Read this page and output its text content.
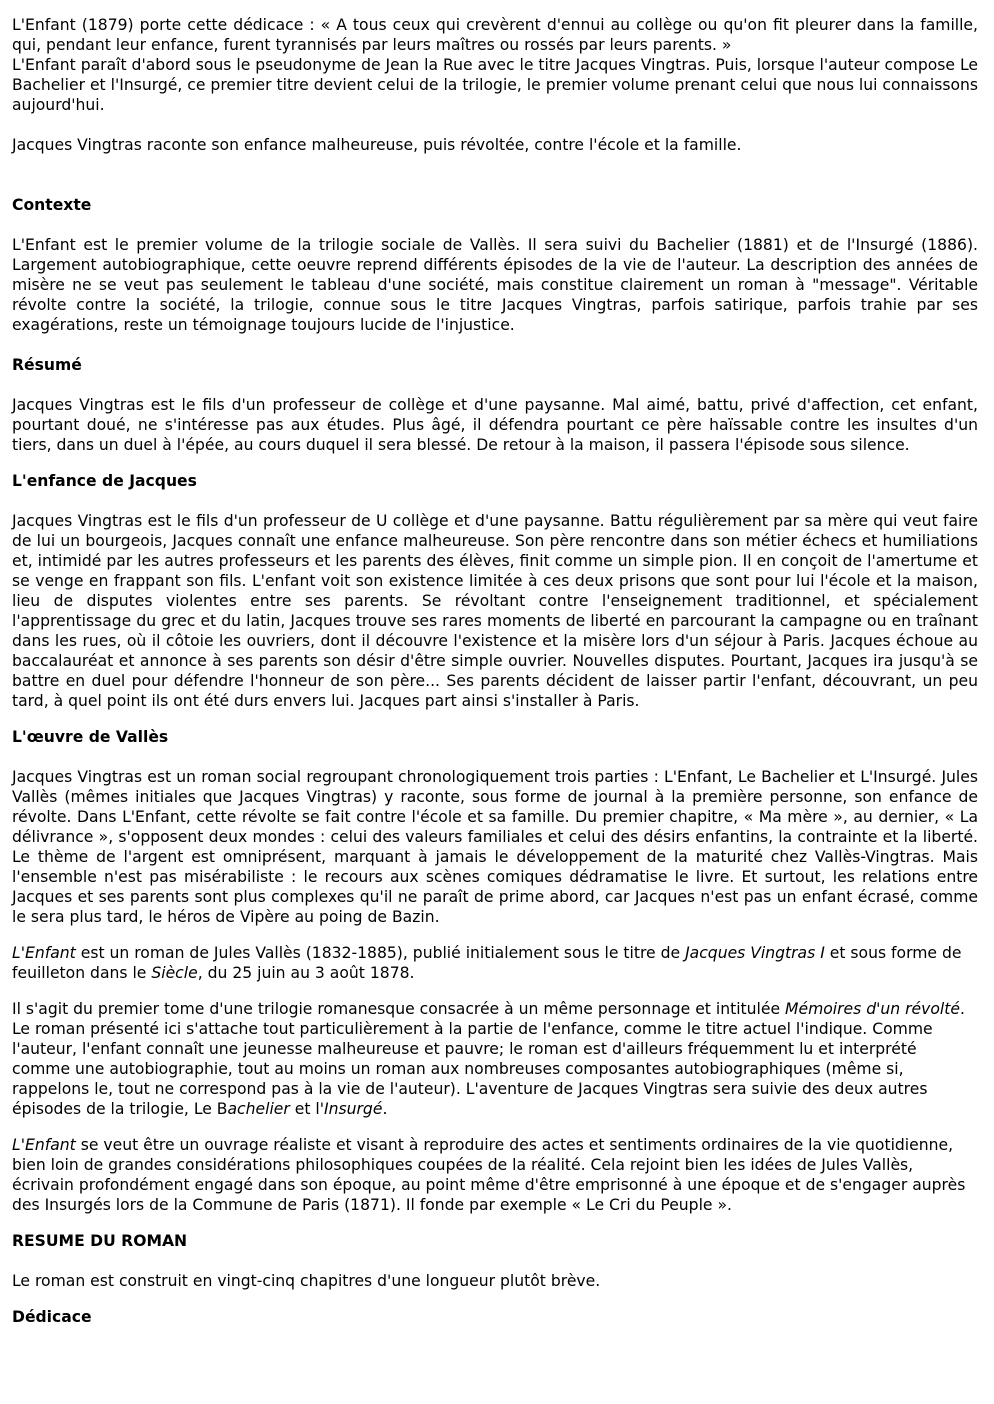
L'Enfant (1879) porte cette dédicace : « A tous ceux qui crevèrent d'ennui au collège ou qu'on fit pleurer dans la famille, qui, pendant leur enfance, furent tyrannisés par leurs maîtres ou rossés par leurs parents. »

L'Enfant paraît d'abord sous le pseudonyme de Jean la Rue avec le titre Jacques Vingtras. Puis, lorsque l'auteur compose Le Bachelier et l'Insurgé, ce premier titre devient celui de la trilogie, le premier volume prenant celui que nous lui connaissons aujourd'hui.

Jacques Vingtras raconte son enfance malheureuse, puis révoltée, contre l'école et la famille.

Contexte

L'Enfant est le premier volume de la trilogie sociale de Vallès. Il sera suivi du Bachelier (1881) et de l'Insurgé (1886). Largement autobiographique, cette oeuvre reprend différents épisodes de la vie de l'auteur. La description des années de misère ne se veut pas seulement le tableau d'une société, mais constitue clairement un roman à "message". Véritable révolte contre la société, la trilogie, connue sous le titre Jacques Vingtras, parfois satirique, parfois trahie par ses exagérations, reste un témoignage toujours lucide de l'injustice.

Résumé

Jacques Vingtras est le fils d'un professeur de collège et d'une paysanne. Mal aimé, battu, privé d'affection, cet enfant, pourtant doué, ne s'intéresse pas aux études. Plus âgé, il défendra pourtant ce père haïssable contre les insultes d'un tiers, dans un duel à l'épée, au cours duquel il sera blessé. De retour à la maison, il passera l'épisode sous silence.

L'enfance de Jacques

Jacques Vingtras est le fils d'un professeur de U collège et d'une paysanne. Battu régulièrement par sa mère qui veut faire de lui un bourgeois, Jacques connaît une enfance malheureuse. Son père rencontre dans son métier échecs et humiliations et, intimidé par les autres professeurs et les parents des élèves, finit comme un simple pion. Il en conçoit de l'amertume et se venge en frappant son fils. L'enfant voit son existence limitée à ces deux prisons que sont pour lui l'école et la maison, lieu de disputes violentes entre ses parents. Se révoltant contre l'enseignement traditionnel, et spécialement l'apprentissage du grec et du latin, Jacques trouve ses rares moments de liberté en parcourant la campagne ou en traînant dans les rues, où il côtoie les ouvriers, dont il découvre l'existence et la misère lors d'un séjour à Paris. Jacques échoue au baccalauréat et annonce à ses parents son désir d'être simple ouvrier. Nouvelles disputes. Pourtant, Jacques ira jusqu'à se battre en duel pour défendre l'honneur de son père... Ses parents décident de laisser partir l'enfant, découvrant, un peu tard, à quel point ils ont été durs envers lui. Jacques part ainsi s'installer à Paris.

L'œuvre de Vallès

Jacques Vingtras est un roman social regroupant chronologiquement trois parties : L'Enfant, Le Bachelier et L'Insurgé. Jules Vallès (mêmes initiales que Jacques Vingtras) y raconte, sous forme de journal à la première personne, son enfance de révolte. Dans L'Enfant, cette révolte se fait contre l'école et sa famille. Du premier chapitre, « Ma mère », au dernier, « La délivrance », s'opposent deux mondes : celui des valeurs familiales et celui des désirs enfantins, la contrainte et la liberté. Le thème de l'argent est omniprésent, marquant à jamais le développement de la maturité chez Vallès-Vingtras. Mais l'ensemble n'est pas misérabiliste : le recours aux scènes comiques dédramatise le livre. Et surtout, les relations entre Jacques et ses parents sont plus complexes qu'il ne paraît de prime abord, car Jacques n'est pas un enfant écrasé, comme le sera plus tard, le héros de Vipère au poing de Bazin.

L'Enfant est un roman de Jules Vallès (1832-1885), publié initialement sous le titre de Jacques Vingtras I et sous forme de feuilleton dans le Siècle, du 25 juin au 3 août 1878.

Il s'agit du premier tome d'une trilogie romanesque consacrée à un même personnage et intitulée Mémoires d'un révolté. Le roman présenté ici s'attache tout particulièrement à la partie de l'enfance, comme le titre actuel l'indique. Comme l'auteur, l'enfant connaît une jeunesse malheureuse et pauvre; le roman est d'ailleurs fréquemment lu et interprété comme une autobiographie, tout au moins un roman aux nombreuses composantes autobiographiques (même si, rappelons le, tout ne correspond pas à la vie de l'auteur). L'aventure de Jacques Vingtras sera suivie des deux autres épisodes de la trilogie, Le Bachelier et l'Insurgé.

L'Enfant se veut être un ouvrage réaliste et visant à reproduire des actes et sentiments ordinaires de la vie quotidienne, bien loin de grandes considérations philosophiques coupées de la réalité. Cela rejoint bien les idées de Jules Vallès, écrivain profondément engagé dans son époque, au point même d'être emprisonné à une époque et de s'engager auprès des Insurgés lors de la Commune de Paris (1871). Il fonde par exemple « Le Cri du Peuple ».

RESUME DU ROMAN

Le roman est construit en vingt-cinq chapitres d'une longueur plutôt brève.

Dédicace
